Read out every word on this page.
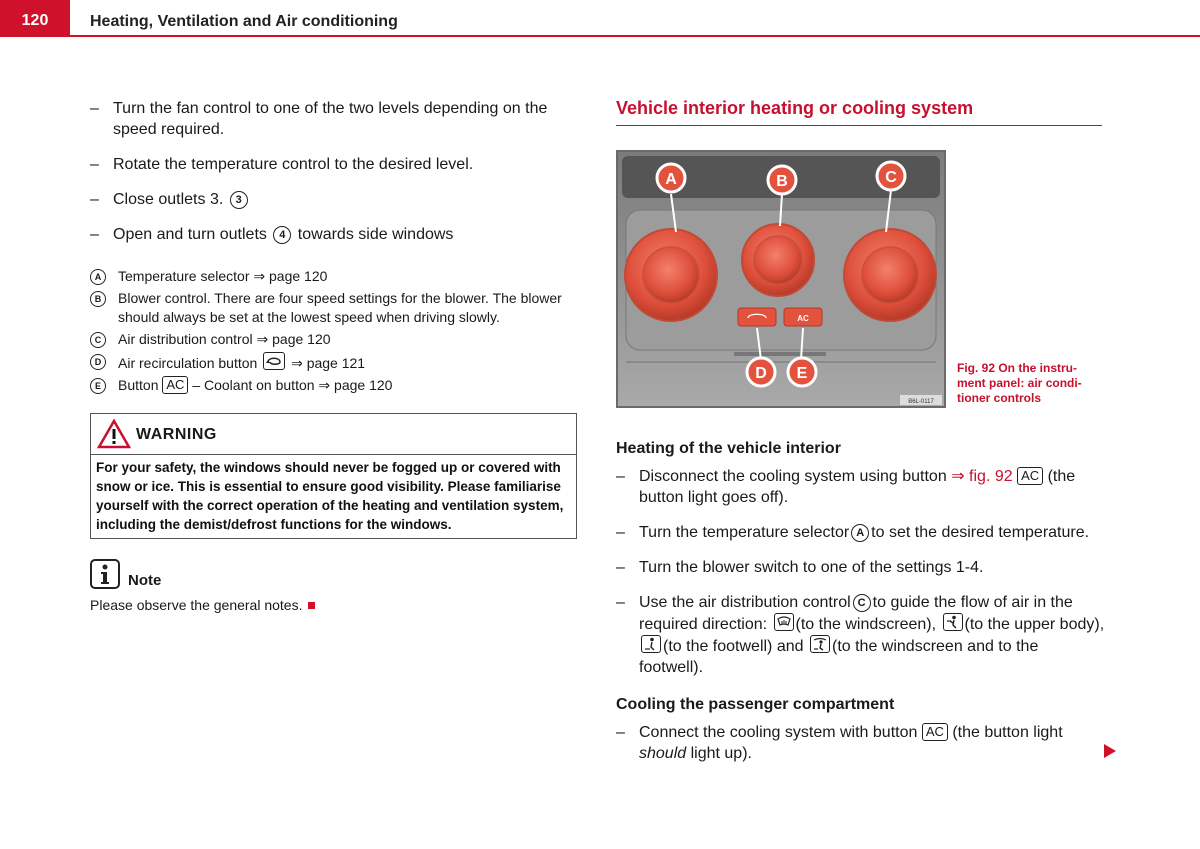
120	Heating, Ventilation and Air conditioning
– Turn the fan control to one of the two levels depending on the speed required.
– Rotate the temperature control to the desired level.
– Close outlets 3. 3
– Open and turn outlets 4 towards side windows
A	Temperature selector ⇒ page 120
B	Blower control. There are four speed settings for the blower. The blower should always be set at the lowest speed when driving slowly.
C	Air distribution control ⇒ page 120
D	Air recirculation button ⇒ page 121
E	Button AC – Coolant on button ⇒ page 120
WARNING
For your safety, the windows should never be fogged up or covered with snow or ice. This is essential to ensure good visibility. Please familiarise yourself with the correct operation of the heating and ventilation system, including the demist/defrost functions for the windows.
Note
Please observe the general notes.
Vehicle interior heating or cooling system
AC
A	B	C
D E
B6L-0117
Fig. 92 On the instru-ment panel: air condi-tioner controls
Heating of the vehicle interior
– Disconnect the cooling system using button ⇒ fig. 92 AC (the button light goes off).
– Turn the temperature selector A to set the desired temperature.
– Turn the blower switch to one of the settings 1-4.
– Use the air distribution control C to guide the flow of air in the required direction: (to the windscreen), (to the upper body),
(to the footwell) and (to the windscreen and to the footwell).
Cooling the passenger compartment
– Connect the cooling system with button AC (the button light should light up).
